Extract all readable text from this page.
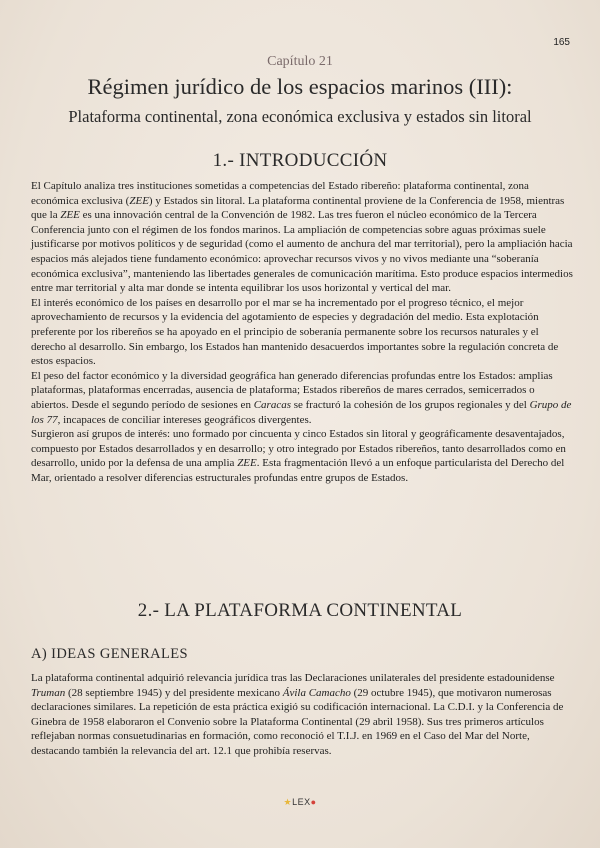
165
Capítulo 21
Régimen jurídico de los espacios marinos (III):
Plataforma continental, zona económica exclusiva y estados sin litoral
1.- INTRODUCCIÓN

El Capítulo analiza tres instituciones sometidas a competencias del Estado ribereño: plataforma continental, zona económica exclusiva (ZEE) y Estados sin litoral. La plataforma continental proviene de la Conferencia de 1958, mientras que la ZEE es una innovación central de la Convención de 1982. Las tres fueron el núcleo económico de la Tercera Conferencia junto con el régimen de los fondos marinos. La ampliación de competencias sobre aguas próximas suele justificarse por motivos políticos y de seguridad (como el aumento de anchura del mar territorial), pero la ampliación hacia espacios más alejados tiene fundamento económico: aprovechar recursos vivos y no vivos mediante una “soberanía económica exclusiva”, manteniendo las libertades generales de comunicación marítima. Esto produce espacios intermedios entre mar territorial y alta mar donde se intenta equilibrar los usos horizontal y vertical del mar.

El interés económico de los países en desarrollo por el mar se ha incrementado por el progreso técnico, el mejor aprovechamiento de recursos y la evidencia del agotamiento de especies y degradación del medio. Esta explotación preferente por los ribereños se ha apoyado en el principio de soberanía permanente sobre los recursos naturales y el derecho al desarrollo. Sin embargo, los Estados han mantenido desacuerdos importantes sobre la regulación concreta de estos espacios.

El peso del factor económico y la diversidad geográfica han generado diferencias profundas entre los Estados: amplias plataformas, plataformas encerradas, ausencia de plataforma; Estados ribereños de mares cerrados, semicerrados o abiertos. Desde el segundo período de sesiones en Caracas se fracturó la cohesión de los grupos regionales y del Grupo de los 77, incapaces de conciliar intereses geográficos divergentes.

Surgieron así grupos de interés: uno formado por cincuenta y cinco Estados sin litoral y geográficamente desaventajados, compuesto por Estados desarrollados y en desarrollo; y otro integrado por Estados ribereños, tanto desarrollados como en desarrollo, unido por la defensa de una amplia ZEE. Esta fragmentación llevó a un enfoque particularista del Derecho del Mar, orientado a resolver diferencias estructurales profundas entre grupos de Estados.

2.- LA PLATAFORMA CONTINENTAL
A) IDEAS GENERALES

La plataforma continental adquirió relevancia jurídica tras las Declaraciones unilaterales del presidente estadounidense Truman (28 septiembre 1945) y del presidente mexicano Ávila Camacho (29 octubre 1945), que motivaron numerosas declaraciones similares. La repetición de esta práctica exigió su codificación internacional. La C.D.I. y la Conferencia de Ginebra de 1958 elaboraron el Convenio sobre la Plataforma Continental (29 abril 1958). Sus tres primeros artículos reflejaban normas consuetudinarias en formación, como reconoció el T.I.J. en 1969 en el Caso del Mar del Norte, destacando también la relevancia del art. 12.1 que prohibía reservas.

★LEX●
